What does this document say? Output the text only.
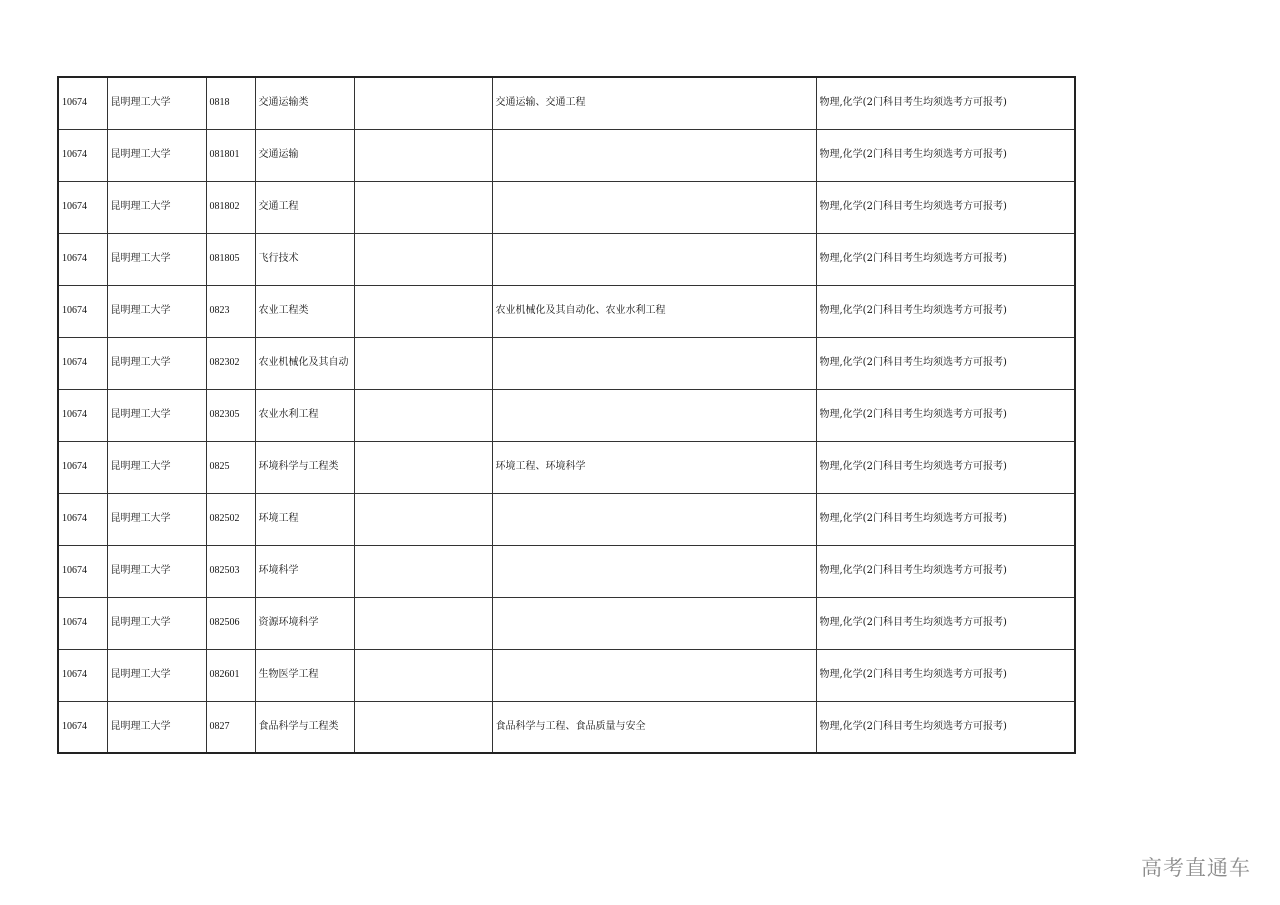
10674	昆明理工大学	0818	交通运输类		交通运输、交通工程	物理,化学(2门科目考生均须选考方可报考)
10674	昆明理工大学	081801	交通运输			物理,化学(2门科目考生均须选考方可报考)
10674	昆明理工大学	081802	交通工程			物理,化学(2门科目考生均须选考方可报考)
10674	昆明理工大学	081805	飞行技术			物理,化学(2门科目考生均须选考方可报考)
10674	昆明理工大学	0823	农业工程类		农业机械化及其自动化、农业水利工程	物理,化学(2门科目考生均须选考方可报考)
10674	昆明理工大学	082302	农业机械化及其自动			物理,化学(2门科目考生均须选考方可报考)
10674	昆明理工大学	082305	农业水利工程			物理,化学(2门科目考生均须选考方可报考)
10674	昆明理工大学	0825	环境科学与工程类		环境工程、环境科学	物理,化学(2门科目考生均须选考方可报考)
10674	昆明理工大学	082502	环境工程			物理,化学(2门科目考生均须选考方可报考)
10674	昆明理工大学	082503	环境科学			物理,化学(2门科目考生均须选考方可报考)
10674	昆明理工大学	082506	资源环境科学			物理,化学(2门科目考生均须选考方可报考)
10674	昆明理工大学	082601	生物医学工程			物理,化学(2门科目考生均须选考方可报考)
10674	昆明理工大学	0827	食品科学与工程类		食品科学与工程、食品质量与安全	物理,化学(2门科目考生均须选考方可报考)
高考直通车
